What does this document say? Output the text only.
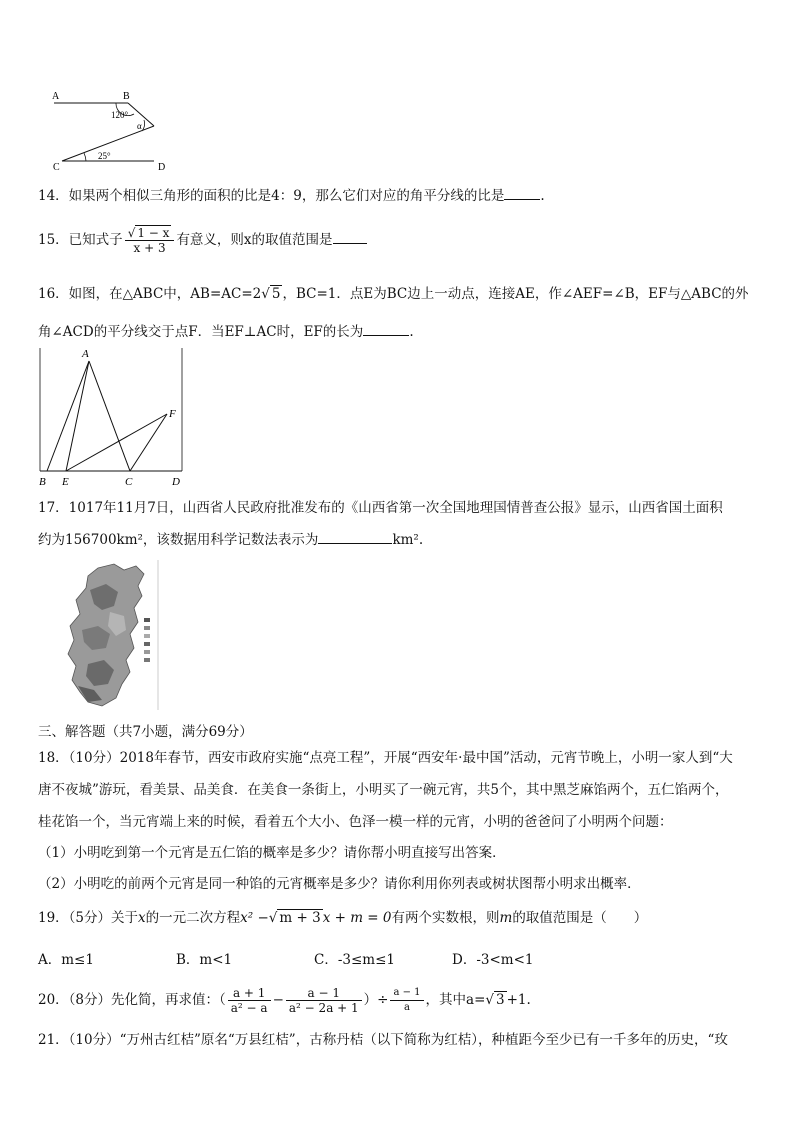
A	B
C	D
120°
α
25°
14．如果两个相似三角形的面积的比是4：9，那么它们对应的角平分线的比是	.
15．已知式子 $\frac{√ 1 - x}{x + 3}$ 有意义，则x的取值范围是
16．如图，在△ABC中，AB=AC=2√ 5 ，BC=1．点E为BC边上一动点，连接AE，作∠AEF=∠B，EF与△ABC的外
角∠ACD的平分线交于点F．当EF⊥AC时，EF的长为	.
A
B E	C	D
F
17．1017年11月7日，山西省人民政府批准发布的《山西省第一次全国地理国情普查公报》显示，山西省国土面积
约为156700km²，该数据用科学记数法表示为	km².
三、解答题（共7小题，满分69分）
18．（10分）2018年春节，西安市政府实施“点亮工程”，开展“西安年·最中国”活动，元宵节晚上，小明一家人到“大
唐不夜城”游玩，看美景、品美食．在美食一条街上，小明买了一碗元宵，共5个，其中黑芝麻馅两个，五仁馅两个，
桂花馅一个，当元宵端上来的时候，看着五个大小、色泽一模一样的元宵，小明的爸爸问了小明两个问题：
（1）小明吃到第一个元宵是五仁馅的概率是多少？请你帮小明直接写出答案．
（2）小明吃的前两个元宵是同一种馅的元宵概率是多少？请你利用你列表或树状图帮小明求出概率．
19．（5分）关于x的一元二次方程x² −√ m + 3 x + m = 0有两个实数根，则m的取值范围是（　　）
A．m≤1	B．m<1	C．-3≤m≤1	D．-3<m<1
20．（8分）先化简，再求值：（ $\frac{a + 1}{\text{a² − a}} - \frac{a - 1}{\text{a² − 2a + 1}}$ ）÷ $\frac{a - 1}{a}$ ，其中a=√ 3 +1.
21．（10分）“万州古红桔”原名“万县红桔”，古称丹桔（以下简称为红桔），种植距今至少已有一千多年的历史，“玫
